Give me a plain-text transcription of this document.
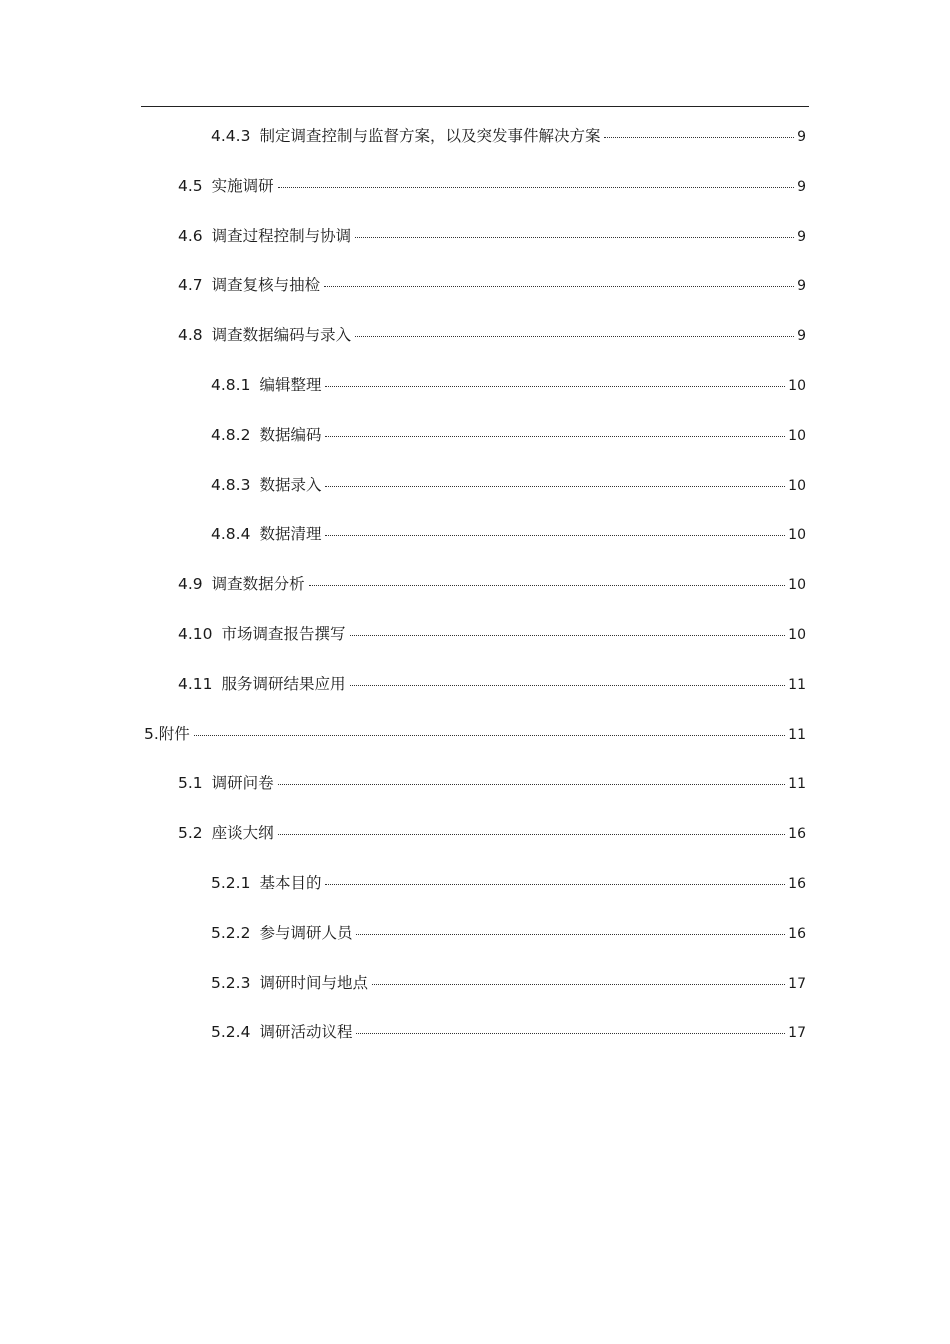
4.4.3 制定调查控制与监督方案，以及突发事件解决方案	9
4.5 实施调研	9
4.6 调查过程控制与协调	9
4.7 调查复核与抽检	9
4.8 调查数据编码与录入	9
4.8.1 编辑整理	10
4.8.2 数据编码	10
4.8.3 数据录入	10
4.8.4 数据清理	10
4.9 调查数据分析	10
4.10 市场调查报告撰写	10
4.11 服务调研结果应用	11
5. 附件	11
5.1 调研问卷	11
5.2 座谈大纲	16
5.2.1 基本目的	16
5.2.2 参与调研人员	16
5.2.3 调研时间与地点	17
5.2.4 调研活动议程	17
